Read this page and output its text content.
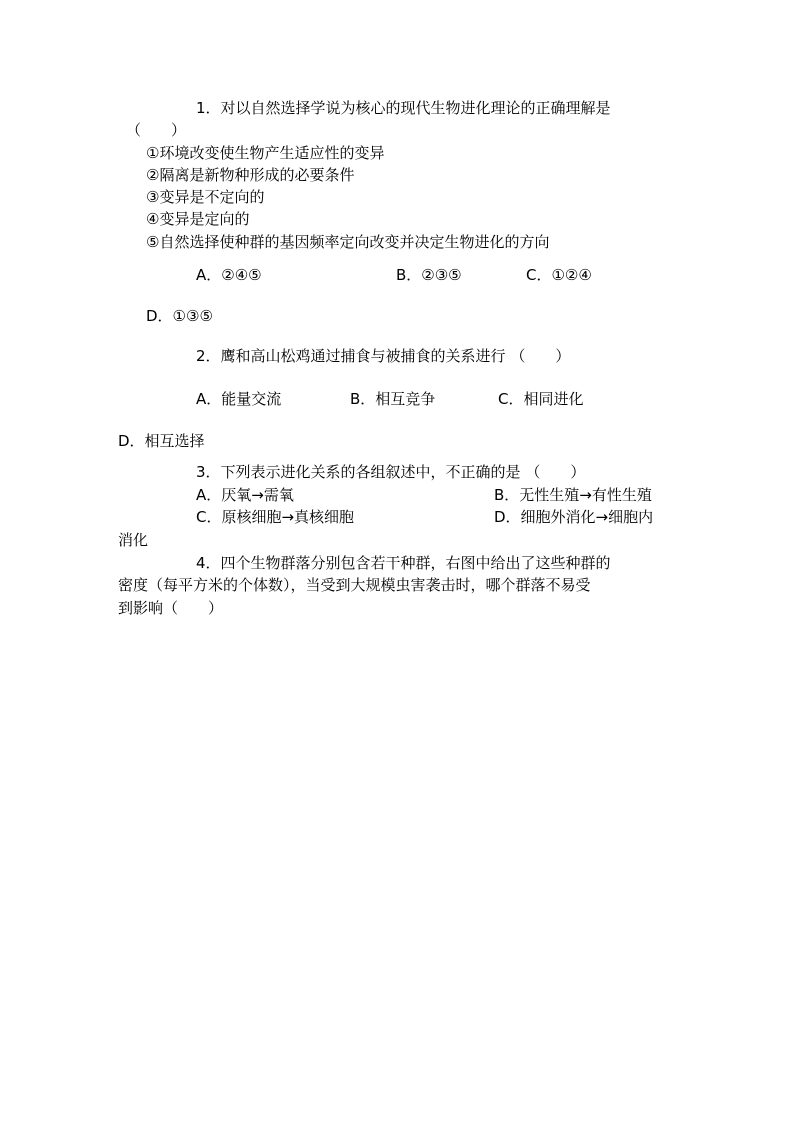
1．对以自然选择学说为核心的现代生物进化理论的正确理解是
（　　）
①环境改变使生物产生适应性的变异
②隔离是新物种形成的必要条件
③变异是不定向的
④变异是定向的
⑤自然选择使种群的基因频率定向改变并决定生物进化的方向
A．②④⑤	B．②③⑤	C．①②④
D．①③⑤
2．鹰和高山松鸡通过捕食与被捕食的关系进行 （　　）
A．能量交流	B．相互竞争	C．相同进化
D．相互选择
3．下列表示进化关系的各组叙述中，不正确的是 （　　）
A．厌氧→需氧	B．无性生殖→有性生殖
C．原核细胞→真核细胞	D．细胞外消化→细胞内
消化
4．四个生物群落分别包含若干种群，右图中给出了这些种群的
密度（每平方米的个体数），当受到大规模虫害袭击时，哪个群落不易受
到影响（　　）
